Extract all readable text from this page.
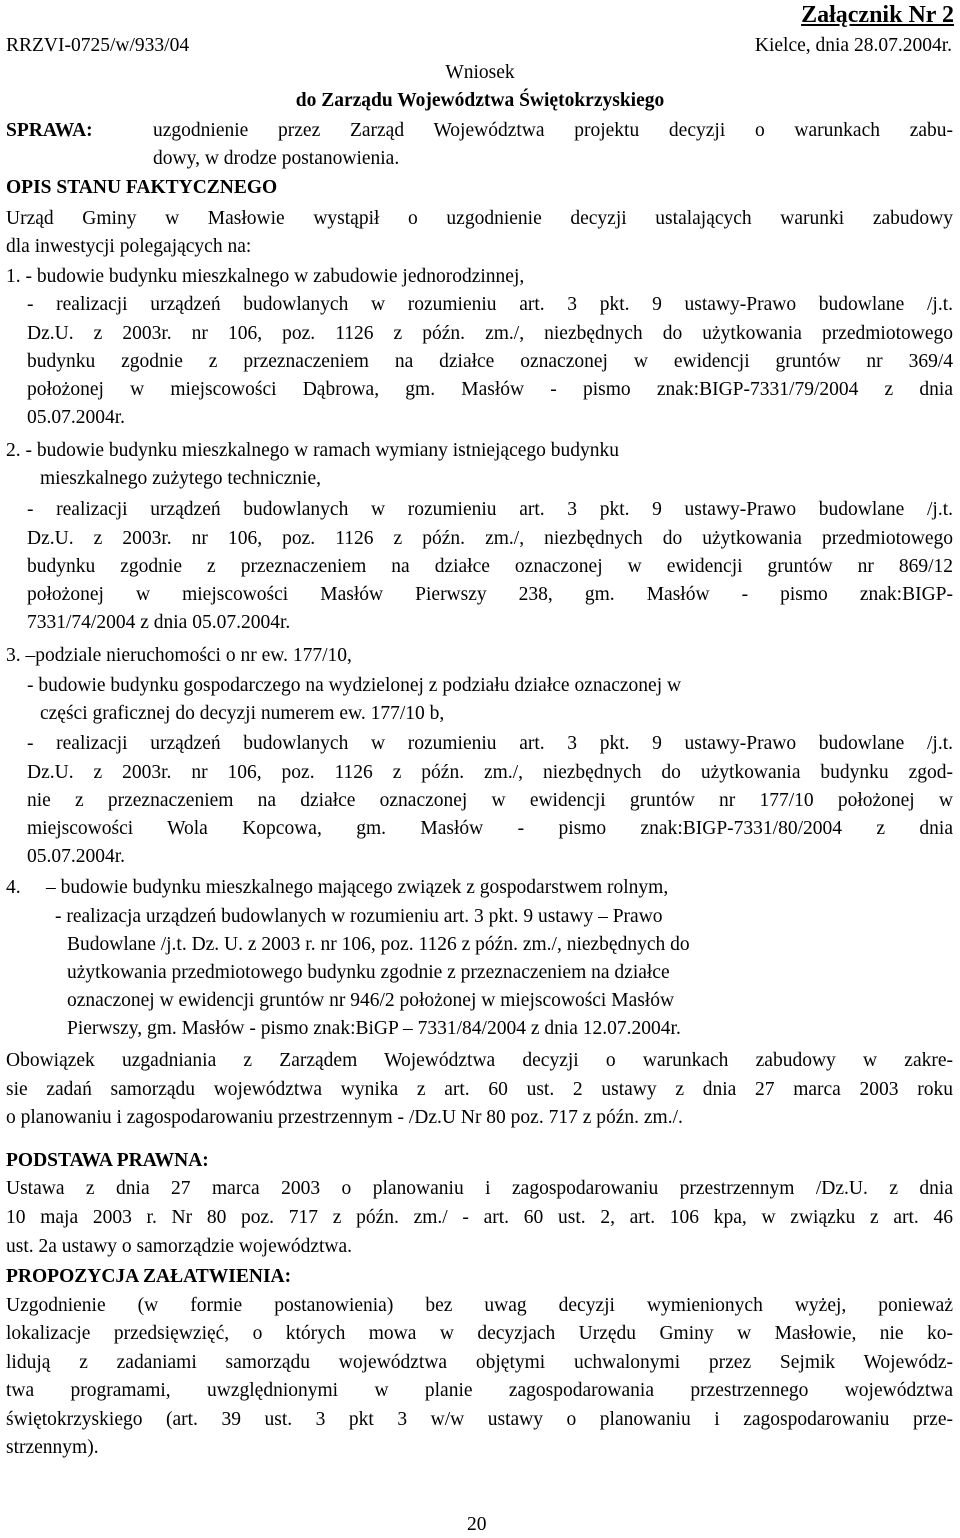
Załącznik Nr 2
RRZVI-0725/w/933/04	Kielce, dnia 28.07.2004r.
Wniosek
do Zarządu Województwa Świętokrzyskiego
SPRAWA:	uzgodnienie przez Zarząd Województwa projektu decyzji o warunkach zabu-
dowy, w drodze postanowienia.
OPIS STANU FAKTYCZNEGO
Urząd Gminy w Masłowie wystąpił o uzgodnienie decyzji ustalających warunki zabudowy
dla inwestycji polegających na:
1. - budowie budynku mieszkalnego w zabudowie jednorodzinnej,
- realizacji urządzeń budowlanych w rozumieniu art. 3 pkt. 9 ustawy-Prawo budowlane /j.t.
Dz.U. z 2003r. nr 106, poz. 1126 z późn. zm./, niezbędnych do użytkowania przedmiotowego
budynku zgodnie z przeznaczeniem na działce oznaczonej w ewidencji gruntów nr 369/4
położonej w miejscowości Dąbrowa, gm. Masłów - pismo znak:BIGP-7331/79/2004 z dnia
05.07.2004r.
2. - budowie budynku mieszkalnego w ramach wymiany istniejącego budynku
mieszkalnego zużytego technicznie,
- realizacji urządzeń budowlanych w rozumieniu art. 3 pkt. 9 ustawy-Prawo budowlane /j.t.
Dz.U. z 2003r. nr 106, poz. 1126 z późn. zm./, niezbędnych do użytkowania przedmiotowego
budynku zgodnie z przeznaczeniem na działce oznaczonej w ewidencji gruntów nr 869/12
położonej w miejscowości Masłów Pierwszy 238, gm. Masłów - pismo znak:BIGP-
7331/74/2004 z dnia 05.07.2004r.
3. –podziale nieruchomości o nr ew. 177/10,
- budowie budynku gospodarczego na wydzielonej z podziału działce oznaczonej w
części graficznej do decyzji numerem ew. 177/10 b,
- realizacji urządzeń budowlanych w rozumieniu art. 3 pkt. 9 ustawy-Prawo budowlane /j.t.
Dz.U. z 2003r. nr 106, poz. 1126 z późn. zm./, niezbędnych do użytkowania budynku zgod-
nie z przeznaczeniem na działce oznaczonej w ewidencji gruntów nr 177/10 położonej w
miejscowości Wola Kopcowa, gm. Masłów - pismo znak:BIGP-7331/80/2004 z dnia
05.07.2004r.
4. – budowie budynku mieszkalnego mającego związek z gospodarstwem rolnym,
- realizacja urządzeń budowlanych w rozumieniu art. 3 pkt. 9 ustawy – Prawo
Budowlane /j.t. Dz. U. z 2003 r. nr 106, poz. 1126 z późn. zm./, niezbędnych do
użytkowania przedmiotowego budynku zgodnie z przeznaczeniem na działce
oznaczonej w ewidencji gruntów nr 946/2 położonej w miejscowości Masłów
Pierwszy, gm. Masłów - pismo znak:BiGP – 7331/84/2004 z dnia 12.07.2004r.
Obowiązek uzgadniania z Zarządem Województwa decyzji o warunkach zabudowy w zakre-
sie zadań samorządu województwa wynika z art. 60 ust. 2 ustawy z dnia 27 marca 2003 roku
o planowaniu i zagospodarowaniu przestrzennym - /Dz.U Nr 80 poz. 717 z późn. zm./.
PODSTAWA PRAWNA:
Ustawa z dnia 27 marca 2003 o planowaniu i zagospodarowaniu przestrzennym /Dz.U. z dnia
10 maja 2003 r. Nr 80 poz. 717 z późn. zm./ - art. 60 ust. 2, art. 106 kpa, w związku z art. 46
ust. 2a ustawy o samorządzie województwa.
PROPOZYCJA ZAŁATWIENIA:
Uzgodnienie (w formie postanowienia) bez uwag decyzji wymienionych wyżej, ponieważ
lokalizacje przedsięwzięć, o których mowa w decyzjach Urzędu Gminy w Masłowie, nie ko-
lidują z zadaniami samorządu województwa objętymi uchwalonymi przez Sejmik Wojewódz-
twa programami, uwzględnionymi w planie zagospodarowania przestrzennego województwa
świętokrzyskiego (art. 39 ust. 3 pkt 3 w/w ustawy o planowaniu i zagospodarowaniu prze-
strzennym).
20
